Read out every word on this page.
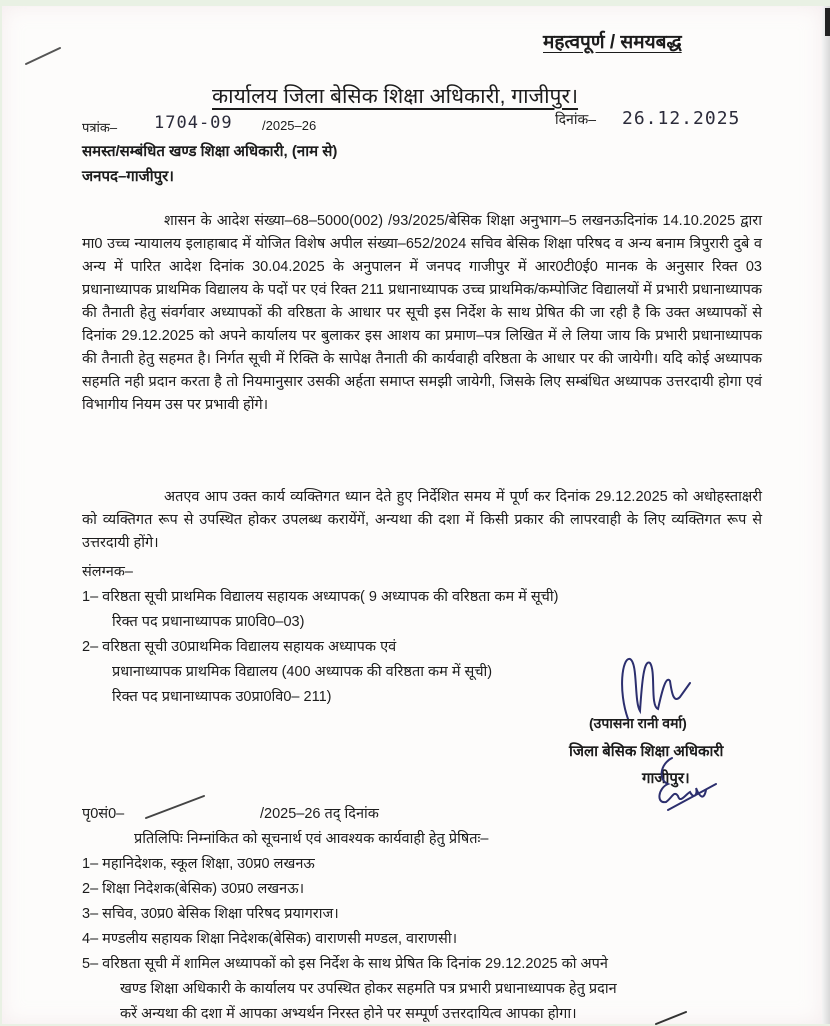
महत्वपूर्ण / समयबद्ध
कार्यालय जिला बेसिक शिक्षा अधिकारी, गाजीपुर।
पत्रांक– 1704-09 /2025–26	दिनांक– 26.12.2025
समस्त/सम्बंधित खण्ड शिक्षा अधिकारी, (नाम से)
जनपद–गाजीपुर।
शासन के आदेश संख्या–68–5000(002) /93/2025/बेसिक शिक्षा अनुभाग–5 लखनऊदिनांक 14.10.2025 द्वारा मा0 उच्च न्यायालय इलाहाबाद में योजित विशेष अपील संख्या–652/2024 सचिव बेसिक शिक्षा परिषद व अन्य बनाम त्रिपुरारी दुबे व अन्य में पारित आदेश दिनांक 30.04.2025 के अनुपालन में जनपद गाजीपुर में आर0टी0ई0 मानक के अनुसार रिक्त 03 प्रधानाध्यापक प्राथमिक विद्यालय के पदों पर एवं रिक्त 211 प्रधानाध्यापक उच्च प्राथमिक/कम्पोजिट विद्यालयों में प्रभारी प्रधानाध्यापक की तैनाती हेतु संवर्गवार अध्यापकों की वरिष्ठता के आधार पर सूची इस निर्देश के साथ प्रेषित की जा रही है कि उक्त अध्यापकों से दिनांक 29.12.2025 को अपने कार्यालय पर बुलाकर इस आशय का प्रमाण–पत्र लिखित में ले लिया जाय कि प्रभारी प्रधानाध्यापक की तैनाती हेतु सहमत है। निर्गत सूची में रिक्ति के सापेक्ष तैनाती की कार्यवाही वरिष्ठता के आधार पर की जायेगी। यदि कोई अध्यापक सहमति नही प्रदान करता है तो नियमानुसार उसकी अर्हता समाप्त समझी जायेगी, जिसके लिए सम्बंधित अध्यापक उत्तरदायी होगा एवं विभागीय नियम उस पर प्रभावी होंगे।
अतएव आप उक्त कार्य व्यक्तिगत ध्यान देते हुए निर्देशित समय में पूर्ण कर दिनांक 29.12.2025 को अधोहस्ताक्षरी को व्यक्तिगत रूप से उपस्थित होकर उपलब्ध करायेंगें, अन्यथा की दशा में किसी प्रकार की लापरवाही के लिए व्यक्तिगत रूप से उत्तरदायी होंगे।
संलग्नक–
1– वरिष्ठता सूची प्राथमिक विद्यालय सहायक अध्यापक( 9 अध्यापक की वरिष्ठता कम में सूची)
रिक्त पद प्रधानाध्यापक प्रा0वि0–03)
2– वरिष्ठता सूची उ0प्राथमिक विद्यालय सहायक अध्यापक एवं
प्रधानाध्यापक प्राथमिक विद्यालय (400 अध्यापक की वरिष्ठता कम में सूची)
रिक्त पद प्रधानाध्यापक उ0प्रा0वि0– 211)
(उपासना रानी वर्मा)
जिला बेसिक शिक्षा अधिकारी
गाजीपुर।
पृ0सं0–	/2025–26 तद् दिनांक
प्रतिलिपिः निम्नांकित को सूचनार्थ एवं आवश्यक कार्यवाही हेतु प्रेषितः–
1– महानिदेशक, स्कूल शिक्षा, उ0प्र0 लखनऊ
2– शिक्षा निदेशक(बेसिक) उ0प्र0 लखनऊ।
3– सचिव, उ0प्र0 बेसिक शिक्षा परिषद प्रयागराज।
4– मण्डलीय सहायक शिक्षा निदेशक(बेसिक) वाराणसी मण्डल, वाराणसी।
5– वरिष्ठता सूची में शामिल अध्यापकों को इस निर्देश के साथ प्रेषित कि दिनांक 29.12.2025 को अपने
खण्ड शिक्षा अधिकारी के कार्यालय पर उपस्थित होकर सहमति पत्र प्रभारी प्रधानाध्यापक हेतु प्रदान
करें अन्यथा की दशा में आपका अभ्यर्थन निरस्त होने पर सम्पूर्ण उत्तरदायित्व आपका होगा।
